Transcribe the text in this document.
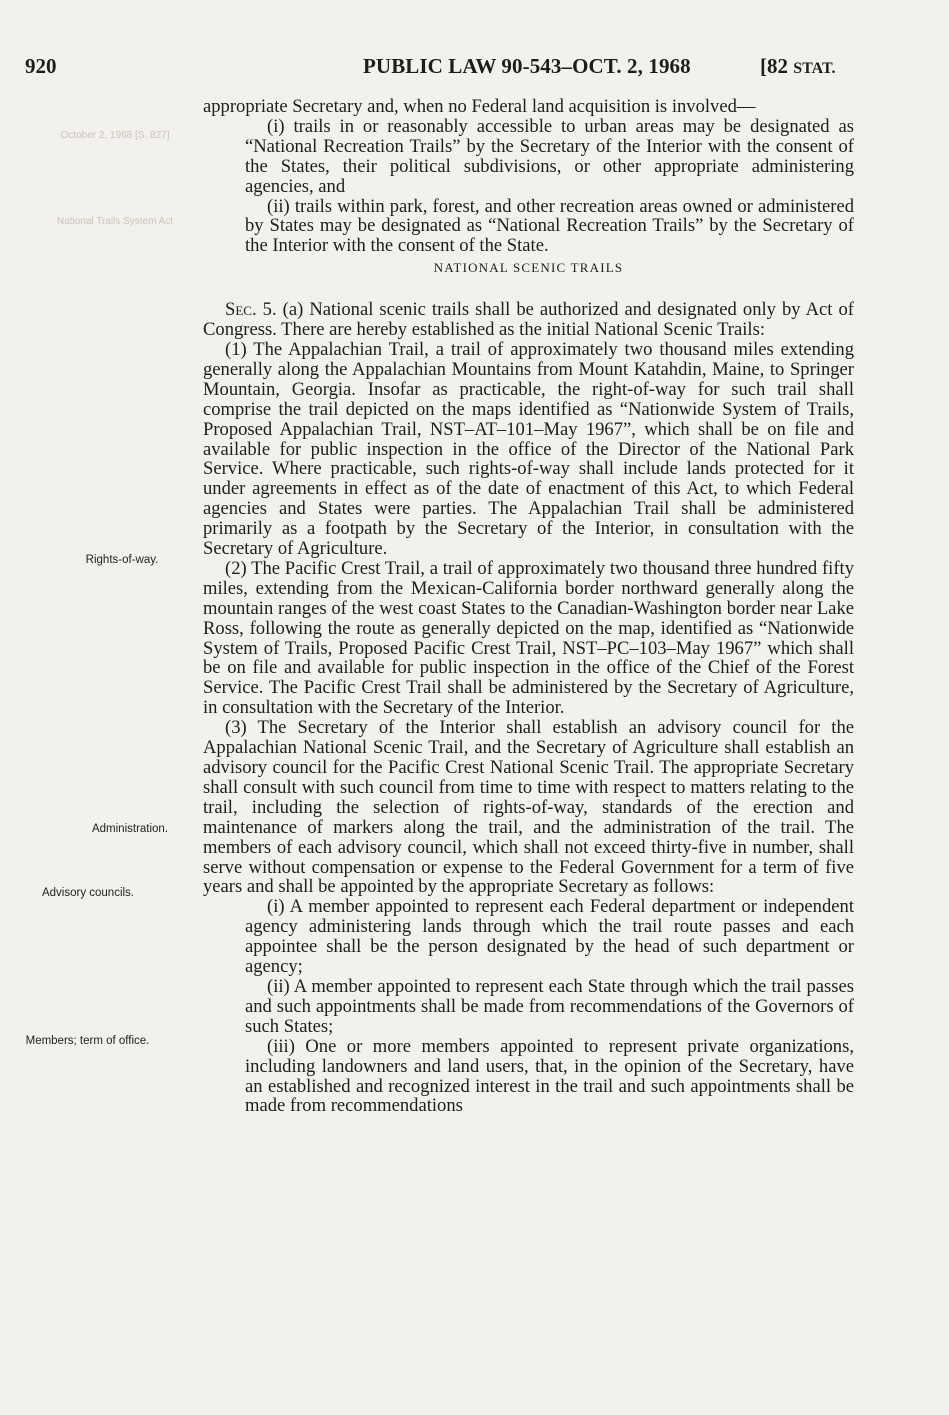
920	PUBLIC LAW 90-543–OCT. 2, 1968	[82 STAT.
October 2, 1968 [S. 827]
National Trails System Act
Rights-of-way.
Administration.
Advisory councils.
Members; term of office.

appropriate Secretary and, when no Federal land acquisition is involved—

(i) trails in or reasonably accessible to urban areas may be designated as “National Recreation Trails” by the Secretary of the Interior with the consent of the States, their political subdivisions, or other appropriate administering agencies, and

(ii) trails within park, forest, and other recreation areas owned or administered by States may be designated as “National Recreation Trails” by the Secretary of the Interior with the consent of the State.

NATIONAL SCENIC TRAILS

Sec. 5. (a) National scenic trails shall be authorized and designated only by Act of Congress. There are hereby established as the initial National Scenic Trails:

(1) The Appalachian Trail, a trail of approximately two thousand miles extending generally along the Appalachian Mountains from Mount Katahdin, Maine, to Springer Mountain, Georgia. Insofar as practicable, the right-of-way for such trail shall comprise the trail depicted on the maps identified as “Nationwide System of Trails, Proposed Appalachian Trail, NST–AT–101–May 1967”, which shall be on file and available for public inspection in the office of the Director of the National Park Service. Where practicable, such rights-of-way shall include lands protected for it under agreements in effect as of the date of enactment of this Act, to which Federal agencies and States were parties. The Appalachian Trail shall be administered primarily as a footpath by the Secretary of the Interior, in consultation with the Secretary of Agriculture.

(2) The Pacific Crest Trail, a trail of approximately two thousand three hundred fifty miles, extending from the Mexican-California border northward generally along the mountain ranges of the west coast States to the Canadian-Washington border near Lake Ross, following the route as generally depicted on the map, identified as “Nationwide System of Trails, Proposed Pacific Crest Trail, NST–PC–103–May 1967” which shall be on file and available for public inspection in the office of the Chief of the Forest Service. The Pacific Crest Trail shall be administered by the Secretary of Agriculture, in consultation with the Secretary of the Interior.

(3) The Secretary of the Interior shall establish an advisory council for the Appalachian National Scenic Trail, and the Secretary of Agriculture shall establish an advisory council for the Pacific Crest National Scenic Trail. The appropriate Secretary shall consult with such council from time to time with respect to matters relating to the trail, including the selection of rights-of-way, standards of the erection and maintenance of markers along the trail, and the administration of the trail. The members of each advisory council, which shall not exceed thirty-five in number, shall serve without compensation or expense to the Federal Government for a term of five years and shall be appointed by the appropriate Secretary as follows:

(i) A member appointed to represent each Federal department or independent agency administering lands through which the trail route passes and each appointee shall be the person designated by the head of such department or agency;

(ii) A member appointed to represent each State through which the trail passes and such appointments shall be made from recommendations of the Governors of such States;

(iii) One or more members appointed to represent private organizations, including landowners and land users, that, in the opinion of the Secretary, have an established and recognized interest in the trail and such appointments shall be made from recommendations
